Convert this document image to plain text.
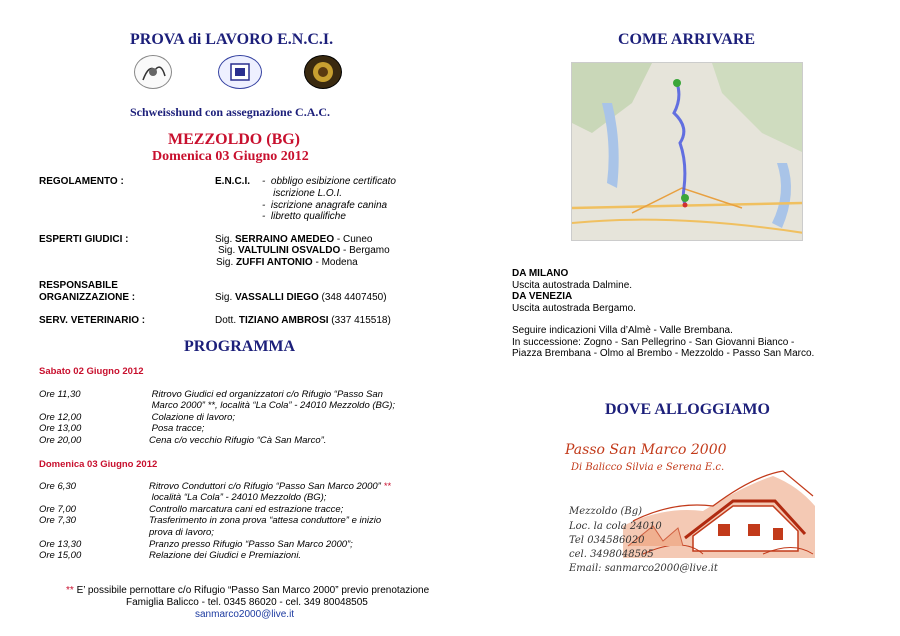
PROVA di LAVORO E.N.C.I.
Schweisshund con assegnazione C.A.C.
MEZZOLDO (BG)
Domenica 03 Giugno 2012
REGOLAMENTO :	E.N.C.I. -  obbligo esibizione certificato
iscrizione L.O.I.
-  iscrizione anagrafe canina
-  libretto qualifiche
ESPERTI GIUDICI :	Sig. SERRAINO AMEDEO - Cuneo
Sig. VALTULINI OSVALDO - Bergamo
Sig. ZUFFI ANTONIO - Modena
RESPONSABILE
ORGANIZZAZIONE :	Sig. VASSALLI DIEGO (348 4407450)
SERV. VETERINARIO :	Dott. TIZIANO AMBROSI (337 415518)
PROGRAMMA
Sabato 02 Giugno 2012
Ore 11,30	Ritrovo Giudici ed organizzatori c/o Rifugio “Passo San
Marco 2000” **, località “La Cola” - 24010 Mezzoldo (BG);
Ore 12,00	Colazione di lavoro;
Ore 13,00	Posa tracce;
Ore 20,00	Cena c/o vecchio Rifugio “Cà San Marco”.
Domenica 03 Giugno 2012
Ore 6,30	Ritrovo Conduttori c/o Rifugio “Passo San Marco 2000” **
località “La Cola” - 24010 Mezzoldo (BG);
Ore 7,00	Controllo marcatura cani ed estrazione tracce;
Ore 7,30	Trasferimento in zona prova “attesa conduttore” e inizio
prova di lavoro;
Ore 13,30	Pranzo presso Rifugio “Passo San Marco 2000”;
Ore 15,00	Relazione dei Giudici e Premiazioni.
** E’ possibile pernottare c/o Rifugio “Passo San Marco 2000” previo prenotazione
Famiglia Balicco - tel. 0345 86020 - cel. 349 80048505
sanmarco2000@live.it
COME ARRIVARE
DA MILANO
Uscita autostrada Dalmine.
DA VENEZIA
Uscita autostrada Bergamo.
Seguire indicazioni Villa d’Almè - Valle Brembana.
In successione: Zogno - San Pellegrino - San Giovanni Bianco -
Piazza Brembana - Olmo al Brembo - Mezzoldo - Passo San Marco.
DOVE ALLOGGIAMO
Passo San Marco 2000
Di Balicco Silvia e Serena E.c.
Mezzoldo (Bg)
Loc. la cola 24010
Tel 034586020
cel. 3498048505
Email: sanmarco2000@live.it
